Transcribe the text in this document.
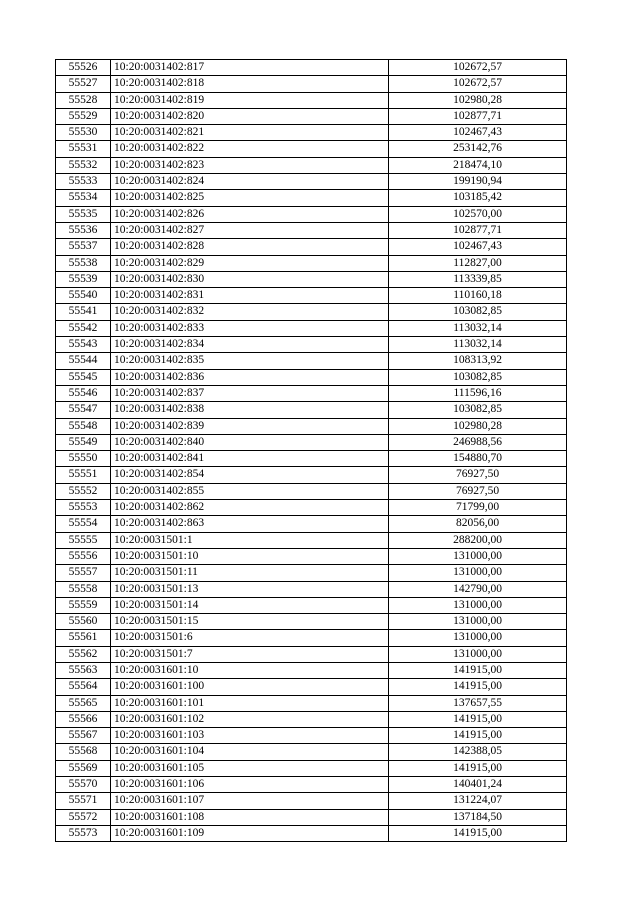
55526	10:20:0031402:817	102672,57
55527	10:20:0031402:818	102672,57
55528	10:20:0031402:819	102980,28
55529	10:20:0031402:820	102877,71
55530	10:20:0031402:821	102467,43
55531	10:20:0031402:822	253142,76
55532	10:20:0031402:823	218474,10
55533	10:20:0031402:824	199190,94
55534	10:20:0031402:825	103185,42
55535	10:20:0031402:826	102570,00
55536	10:20:0031402:827	102877,71
55537	10:20:0031402:828	102467,43
55538	10:20:0031402:829	112827,00
55539	10:20:0031402:830	113339,85
55540	10:20:0031402:831	110160,18
55541	10:20:0031402:832	103082,85
55542	10:20:0031402:833	113032,14
55543	10:20:0031402:834	113032,14
55544	10:20:0031402:835	108313,92
55545	10:20:0031402:836	103082,85
55546	10:20:0031402:837	111596,16
55547	10:20:0031402:838	103082,85
55548	10:20:0031402:839	102980,28
55549	10:20:0031402:840	246988,56
55550	10:20:0031402:841	154880,70
55551	10:20:0031402:854	76927,50
55552	10:20:0031402:855	76927,50
55553	10:20:0031402:862	71799,00
55554	10:20:0031402:863	82056,00
55555	10:20:0031501:1	288200,00
55556	10:20:0031501:10	131000,00
55557	10:20:0031501:11	131000,00
55558	10:20:0031501:13	142790,00
55559	10:20:0031501:14	131000,00
55560	10:20:0031501:15	131000,00
55561	10:20:0031501:6	131000,00
55562	10:20:0031501:7	131000,00
55563	10:20:0031601:10	141915,00
55564	10:20:0031601:100	141915,00
55565	10:20:0031601:101	137657,55
55566	10:20:0031601:102	141915,00
55567	10:20:0031601:103	141915,00
55568	10:20:0031601:104	142388,05
55569	10:20:0031601:105	141915,00
55570	10:20:0031601:106	140401,24
55571	10:20:0031601:107	131224,07
55572	10:20:0031601:108	137184,50
55573	10:20:0031601:109	141915,00
